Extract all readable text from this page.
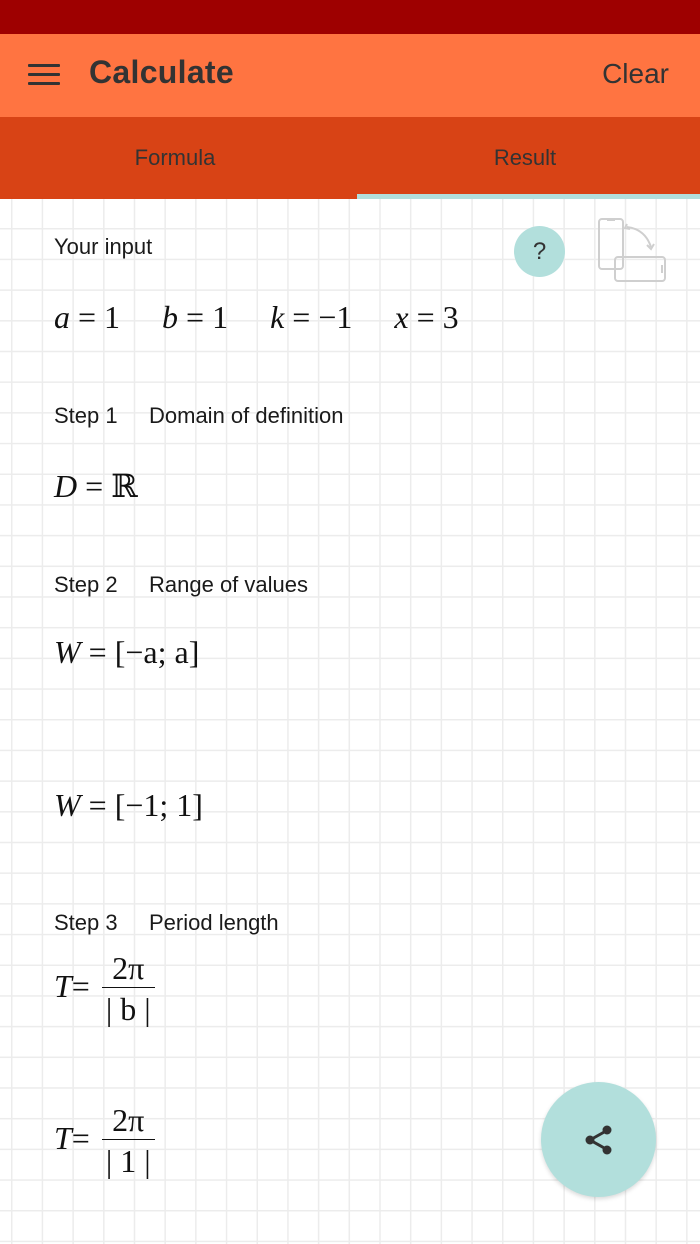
Calculate	Clear
Formula	Result
Your input	?
a = 1 b = 1 k = −1 x = 3
Step 1 Domain of definition
D = ℝ
Step 2 Range of values
W = [−a; a]
W = [−1; 1]
Step 3 Period length
$T= \frac{2\pi}{| b |}$
$T= \frac{2\pi}{| 1 |}$
